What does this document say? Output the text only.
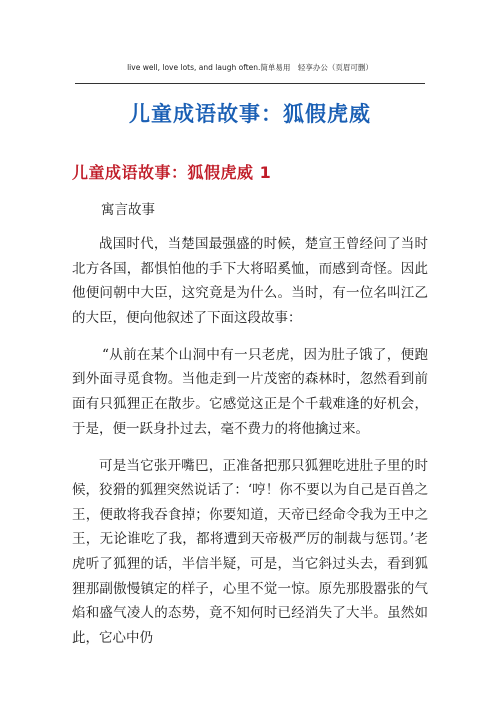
live well, love lots, and laugh often.简单易用　轻享办公（页眉可删）
儿童成语故事：狐假虎威
儿童成语故事：狐假虎威 1
寓言故事

战国时代，当楚国最强盛的时候，楚宣王曾经问了当时北方各国，都惧怕他的手下大将昭奚恤，而感到奇怪。因此他便问朝中大臣，这究竟是为什么。当时，有一位名叫江乙的大臣，便向他叙述了下面这段故事：

“从前在某个山洞中有一只老虎，因为肚子饿了，便跑到外面寻觅食物。当他走到一片茂密的森林时，忽然看到前面有只狐狸正在散步。它感觉这正是个千载难逢的好机会，于是，便一跃身扑过去，毫不费力的将他擒过来。

可是当它张开嘴巴，正准备把那只狐狸吃进肚子里的时候，狡猾的狐狸突然说话了：‘哼！你不要以为自己是百兽之王，便敢将我吞食掉；你要知道，天帝已经命令我为王中之王，无论谁吃了我，都将遭到天帝极严厉的制裁与惩罚。’老虎听了狐狸的话，半信半疑，可是，当它斜过头去，看到狐狸那副傲慢镇定的样子，心里不觉一惊。原先那股嚣张的气焰和盛气凌人的态势，竟不知何时已经消失了大半。虽然如此，它心中仍
